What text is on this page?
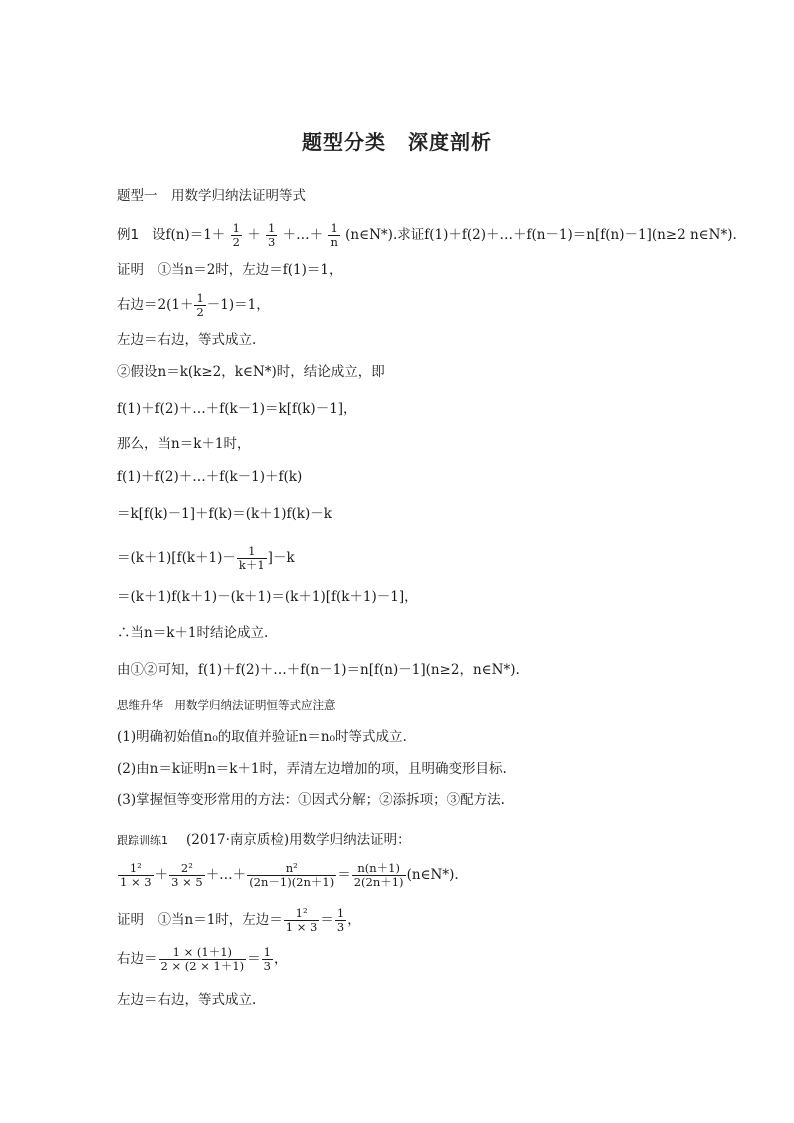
题型分类 深度剖析
题型一　用数学归纳法证明等式
例1 设$f(n)=1+ \frac{1}{2} + \frac{1}{3}$ ＋…＋ $\frac{1}{n}$ (n∈N*).求证f(1)＋f(2)＋…＋f(n－1)＝n[f(n)－1](n≥2 n∈N*).
证明　①当n＝2时，左边＝f(1)＝1，
右边$=2(1+ \frac{1}{2} -1)=1$，
左边＝右边，等式成立.
②假设n＝k(k≥2，k∈N*)时，结论成立，即
f(1)＋f(2)＋…＋f(k－1)＝k[f(k)－1]，
那么，当n＝k＋1时，
f(1)＋f(2)＋…＋f(k－1)＋f(k)
＝k[f(k)－1]＋f(k)＝(k＋1)f(k)－k
$=(k+1)[f(k+1)- \frac{1}{k+1} ]-k$
＝(k＋1)f(k＋1)－(k＋1)＝(k＋1)[f(k＋1)－1]，
∴当n＝k＋1时结论成立.
由①②可知，f(1)＋f(2)＋…＋f(n－1)＝n[f(n)－1](n≥2，n∈N*).
思维升华　用数学归纳法证明恒等式应注意
(1)明确初始值n₀的取值并验证n＝n₀时等式成立.
(2)由n＝k证明n＝k＋1时，弄清左边增加的项，且明确变形目标.
(3)掌握恒等变形常用的方法：①因式分解；②添拆项；③配方法.
跟踪训练1 (2017·南京质检)用数学归纳法证明：
$\frac{\text{1²}}{1 \times 3} + \frac{\text{2²}}{3 \times 5}$ ＋…＋ $\frac{\text{n²}}{(2n-1)(2n+1)} = \frac{n(n+1)}{2(2n+1)}$ (n∈N*).
证明　①当n＝1时，左边＝ $\frac{\text{1²}}{1 \times 3} = \frac{1}{3}$ ，
右边＝ $\frac{1 \times (1+1)}{2 \times (2 \times 1+1)} = \frac{1}{3}$ ，
左边＝右边，等式成立.
